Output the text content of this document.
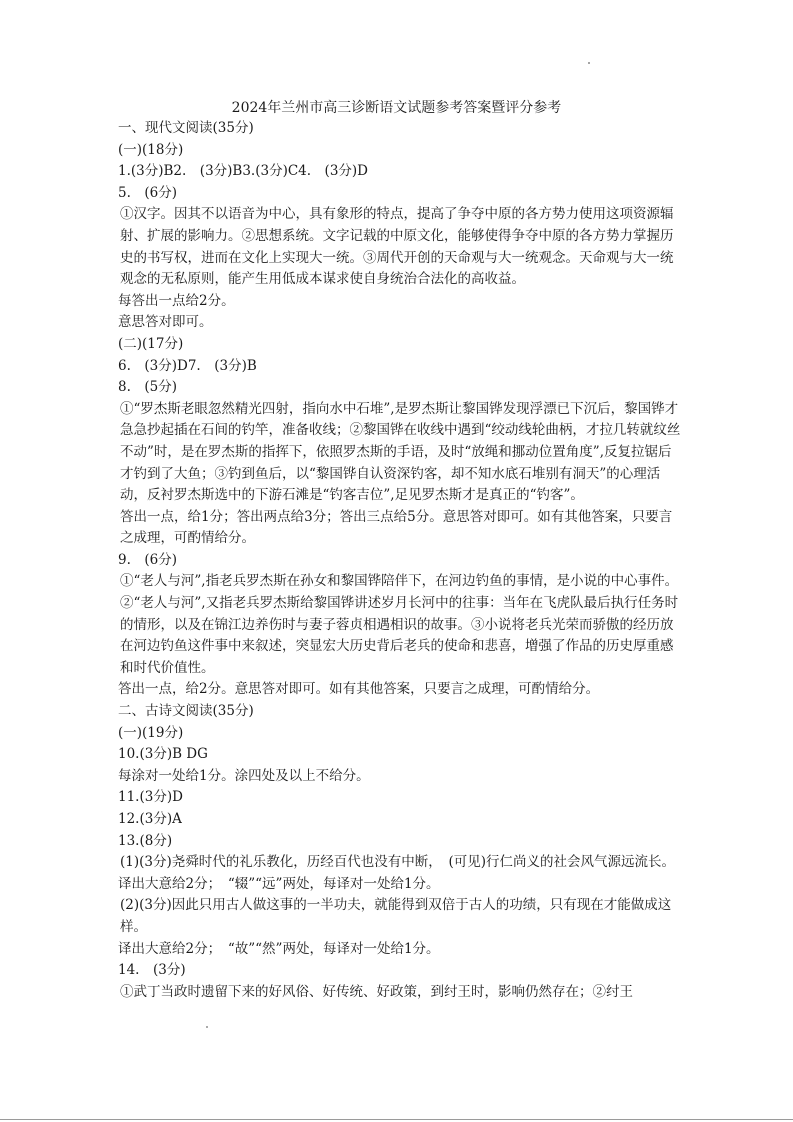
2024年兰州市高三诊断语文试题参考答案暨评分参考

一、现代文阅读(35分)

(一)(18分)

1.(3分)B2.　(3分)B3.(3分)C4.　(3分)D

5.　(6分)

①汉字。因其不以语音为中心，具有象形的特点，提高了争夺中原的各方势力使用这项资源辐射、扩展的影响力。②思想系统。文字记载的中原文化，能够使得争夺中原的各方势力掌握历史的书写权，进而在文化上实现大一统。③周代开创的天命观与大一统观念。天命观与大一统观念的无私原则，能产生用低成本谋求使自身统治合法化的高收益。

每答出一点给2分。

意思答对即可。

(二)(17分)

6.　(3分)D7.　(3分)B

8.　(5分)

①“罗杰斯老眼忽然精光四射，指向水中石堆”,是罗杰斯让黎国铧发现浮漂已下沉后，黎国铧才急急抄起插在石间的钓竿，准备收线；②黎国铧在收线中遇到“绞动线轮曲柄，才拉几转就纹丝不动”时，是在罗杰斯的指挥下，依照罗杰斯的手语，及时“放绳和挪动位置角度”,反复拉锯后才钓到了大鱼；③钓到鱼后，以“黎国铧自认资深钓客，却不知水底石堆别有洞天”的心理活动，反衬罗杰斯选中的下游石滩是“钓客吉位”,足见罗杰斯才是真正的“钓客”。

答出一点，给1分；答出两点给3分；答出三点给5分。意思答对即可。如有其他答案，只要言之成理，可酌情给分。

9.　(6分)

①“老人与河”,指老兵罗杰斯在孙女和黎国铧陪伴下，在河边钓鱼的事情，是小说的中心事件。②“老人与河”,又指老兵罗杰斯给黎国铧讲述岁月长河中的往事：当年在飞虎队最后执行任务时的情形，以及在锦江边养伤时与妻子蓉贞相遇相识的故事。③小说将老兵光荣而骄傲的经历放在河边钓鱼这件事中来叙述，突显宏大历史背后老兵的使命和悲喜，增强了作品的历史厚重感和时代价值性。

答出一点，给2分。意思答对即可。如有其他答案，只要言之成理，可酌情给分。

二、古诗文阅读(35分)

(一)(19分)

10.(3分)B DG

每涂对一处给1分。涂四处及以上不给分。

11.(3分)D

12.(3分)A

13.(8分)

(1)(3分)尧舜时代的礼乐教化，历经百代也没有中断，　(可见)行仁尚义的社会风气源远流长。

译出大意给2分；　“辍”“远”两处，每译对一处给1分。

(2)(3分)因此只用古人做这事的一半功夫，就能得到双倍于古人的功绩，只有现在才能做成这样。

译出大意给2分；　“故”“然”两处，每译对一处给1分。

14.　(3分)

①武丁当政时遗留下来的好风俗、好传统、好政策，到纣王时，影响仍然存在；②纣王
